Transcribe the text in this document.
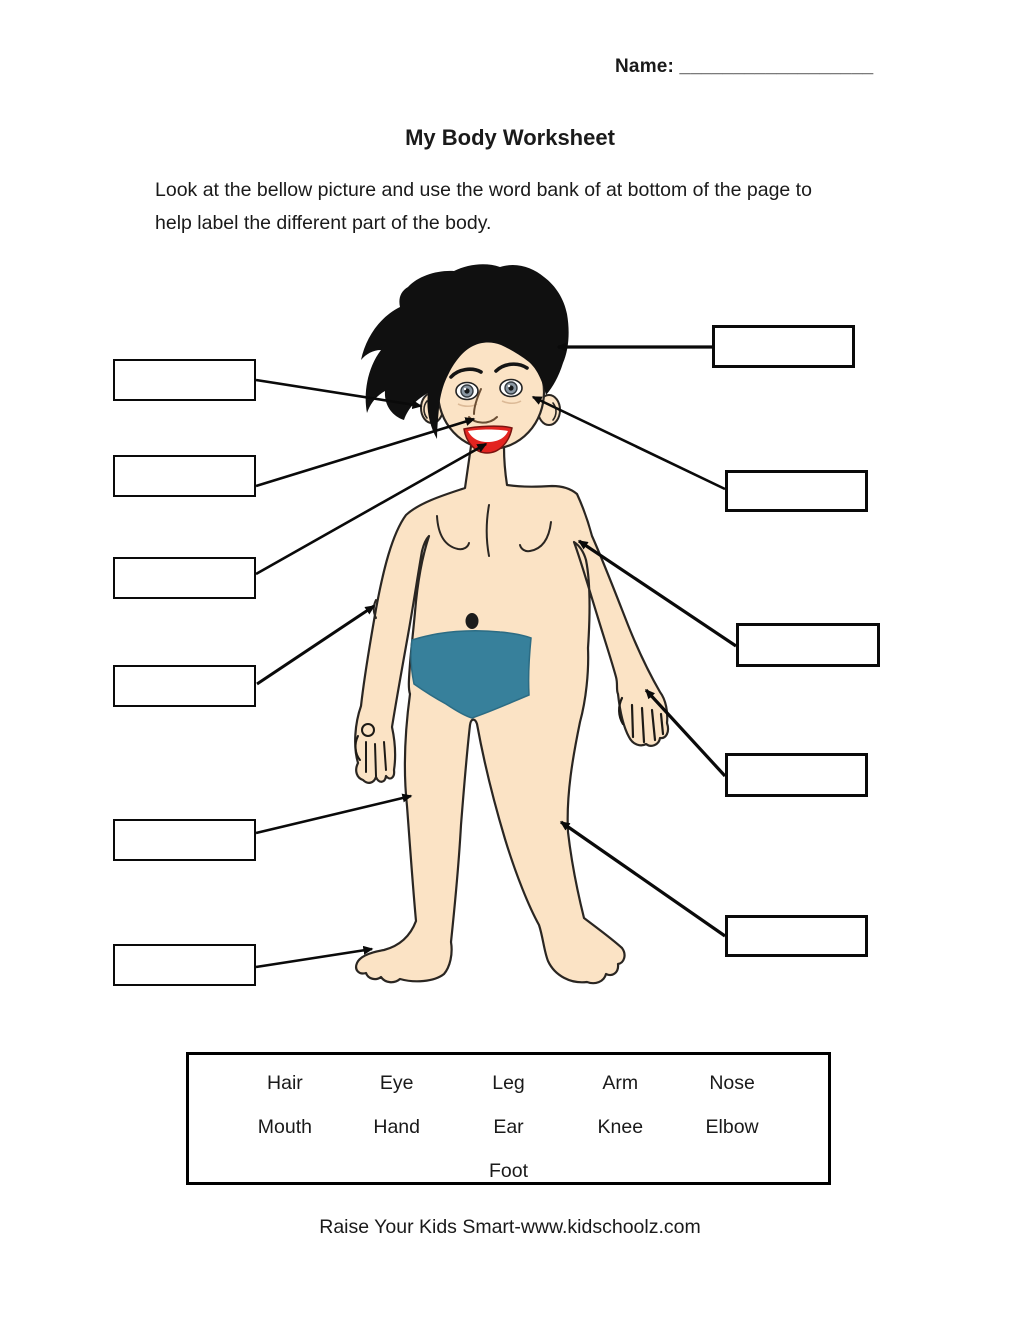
Name: __________________
My Body Worksheet
Look at the bellow picture and use the word bank of at bottom of the page to
help label the different part of the body.
Hair	Eye	Leg	Arm	Nose
Mouth	Hand	Ear	Knee	Elbow
Foot
Raise Your Kids Smart-www.kidschoolz.com
